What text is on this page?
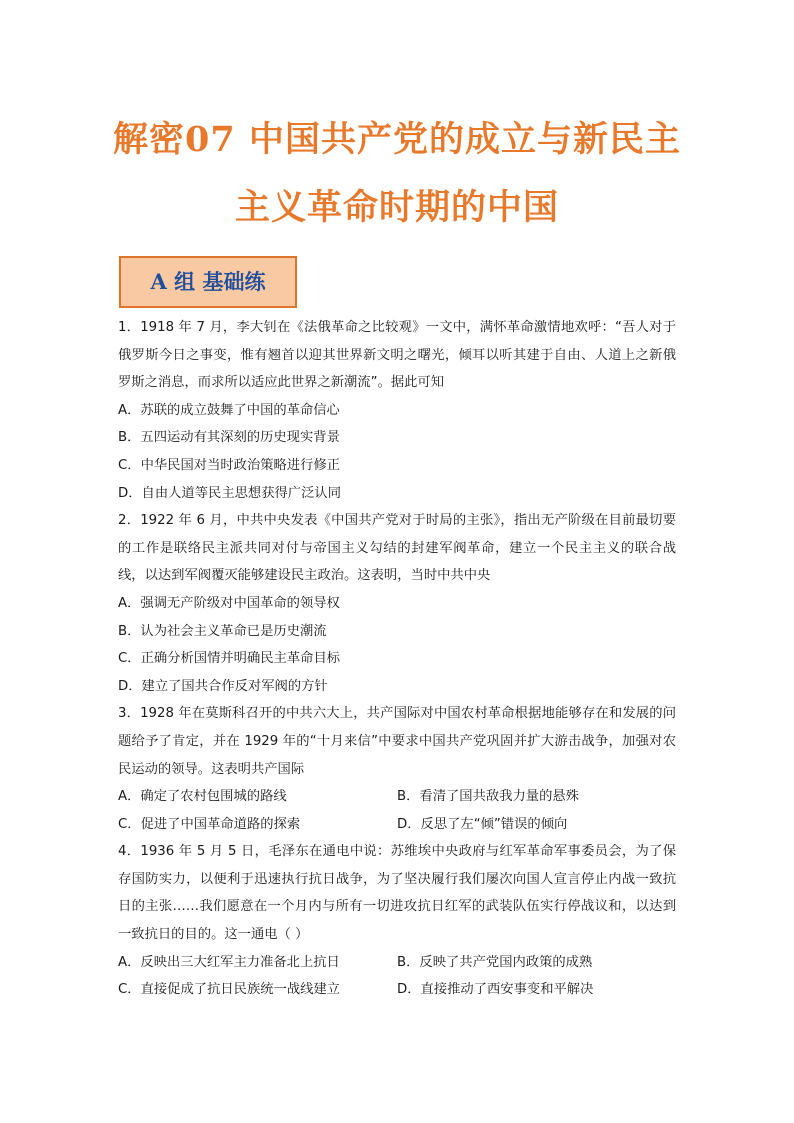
解密07 中国共产党的成立与新民主
主义革命时期的中国
A 组 基础练
1．1918 年 7 月，李大钊在《法俄革命之比较观》一文中，满怀革命激情地欢呼：“吾人对于俄罗斯今日之事变，惟有翘首以迎其世界新文明之曙光，倾耳以听其建于自由、人道上之新俄罗斯之消息，而求所以适应此世界之新潮流”。据此可知
A．苏联的成立鼓舞了中国的革命信心
B．五四运动有其深刻的历史现实背景
C．中华民国对当时政治策略进行修正
D．自由人道等民主思想获得广泛认同
2．1922 年 6 月，中共中央发表《中国共产党对于时局的主张》，指出无产阶级在目前最切要的工作是联络民主派共同对付与帝国主义勾结的封建军阀革命，建立一个民主主义的联合战线，以达到军阀覆灭能够建设民主政治。这表明，当时中共中央
A．强调无产阶级对中国革命的领导权
B．认为社会主义革命已是历史潮流
C．正确分析国情并明确民主革命目标
D．建立了国共合作反对军阀的方针
3．1928 年在莫斯科召开的中共六大上，共产国际对中国农村革命根据地能够存在和发展的问题给予了肯定，并在 1929 年的“十月来信”中要求中国共产党巩固并扩大游击战争，加强对农民运动的领导。这表明共产国际
A．确定了农村包围城的路线	B．看清了国共敌我力量的悬殊
C．促进了中国革命道路的探索	D．反思了左“倾”错误的倾向
4．1936 年 5 月 5 日，毛泽东在通电中说：苏维埃中央政府与红军革命军事委员会，为了保存国防实力，以便利于迅速执行抗日战争，为了坚决履行我们屡次向国人宣言停止内战一致抗日的主张……我们愿意在一个月内与所有一切进攻抗日红军的武装队伍实行停战议和，以达到一致抗日的目的。这一通电（ ）
A．反映出三大红军主力准备北上抗日	B．反映了共产党国内政策的成熟
C．直接促成了抗日民族统一战线建立	D．直接推动了西安事变和平解决
